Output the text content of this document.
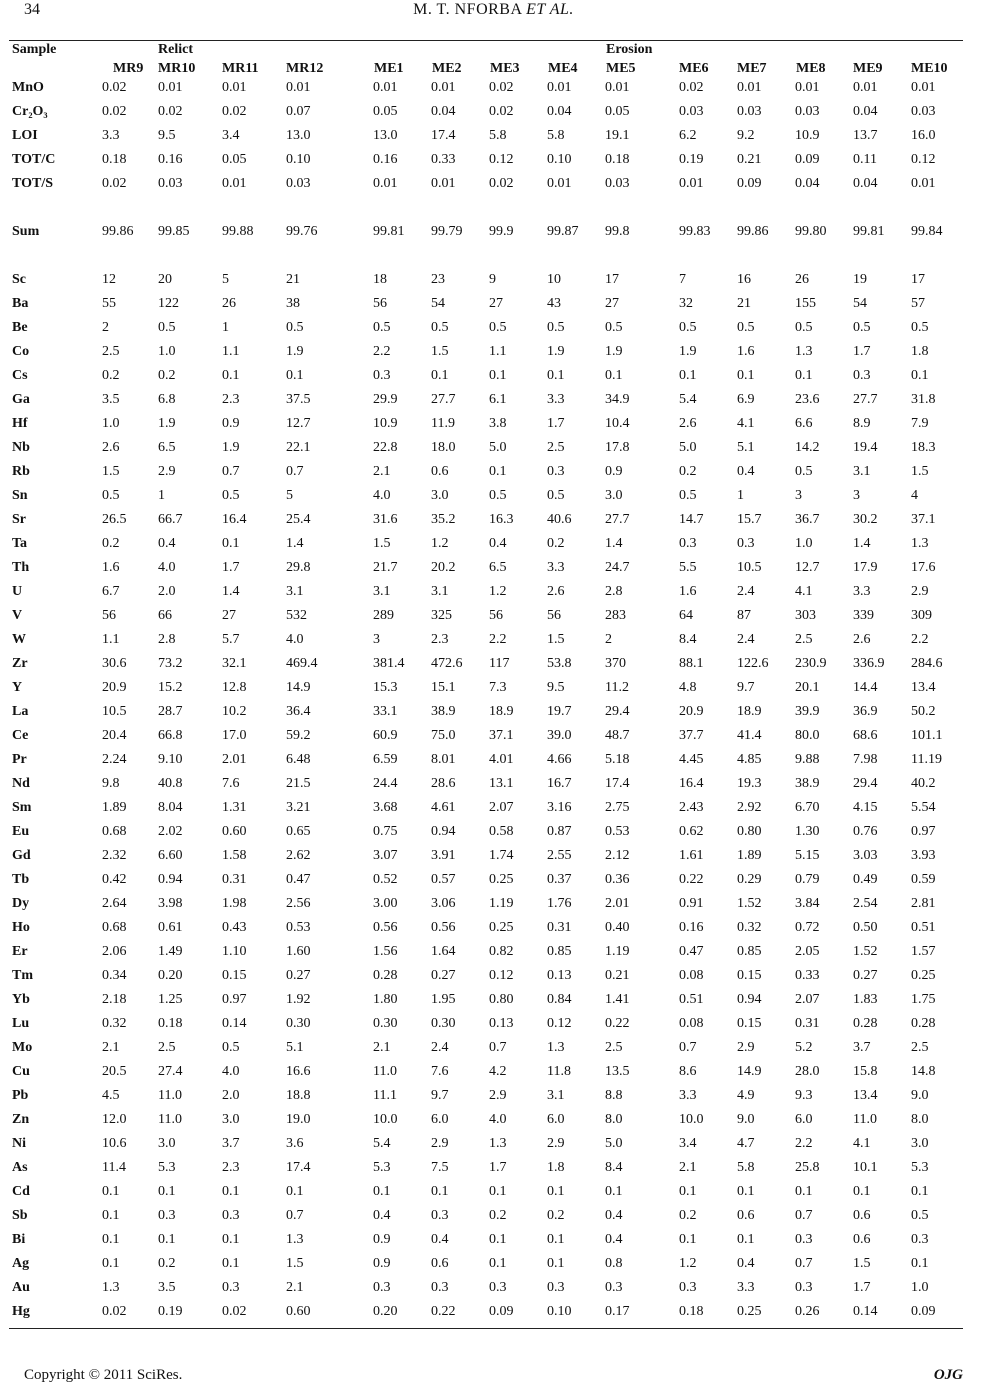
34	M. T. NFORBA ET AL.
Sample	Relict	Erosion
MR9 MR10 MR11 MR12	ME1 ME2 ME3 ME4 ME5	ME6 ME7 ME8 ME9 ME10
MnO	0.02 0.01	0.01	0.01	0.01 0.01 0.02 0.01 0.01	0.02 0.01 0.01 0.01 0.01
Cr₂O₃	0.02 0.02	0.02	0.07	0.05 0.04 0.02 0.04 0.05	0.03 0.03 0.03 0.04 0.03
LOI	3.3	9.5	3.4	13.0	13.0 17.4 5.8	5.8	19.1	6.2	9.2	10.9 13.7 16.0
TOT/C	0.18 0.16	0.05	0.10	0.16 0.33 0.12 0.10 0.18	0.19 0.21 0.09 0.11 0.12
TOT/S	0.02 0.03	0.01	0.03	0.01 0.01 0.02 0.01 0.03	0.01 0.09 0.04 0.04 0.01
Sum	99.86 99.85 99.88 99.76	99.81 99.79 99.9 99.87 99.8	99.83 99.86 99.80 99.81 99.84
Sc	12	20	5	21	18	23	9	10	17	7	16	26	19	17
Ba	55	122	26	38	56	54	27	43	27	32	21	155	54	57
Be	2	0.5	1	0.5	0.5	0.5	0.5	0.5	0.5	0.5	0.5	0.5	0.5	0.5
Co	2.5	1.0	1.1	1.9	2.2	1.5	1.1	1.9	1.9	1.9	1.6	1.3	1.7	1.8
Cs	0.2	0.2	0.1	0.1	0.3	0.1	0.1	0.1	0.1	0.1	0.1	0.1	0.3	0.1
Ga	3.5	6.8	2.3	37.5	29.9 27.7 6.1	3.3	34.9	5.4	6.9	23.6 27.7 31.8
Hf	1.0	1.9	0.9	12.7	10.9 11.9 3.8	1.7	10.4	2.6	4.1	6.6	8.9	7.9
Nb	2.6	6.5	1.9	22.1	22.8 18.0 5.0	2.5	17.8	5.0	5.1	14.2 19.4 18.3
Rb	1.5	2.9	0.7	0.7	2.1	0.6	0.1	0.3	0.9	0.2	0.4	0.5	3.1	1.5
Sn	0.5	1	0.5	5	4.0	3.0	0.5	0.5	3.0	0.5	1	3	3	4
Sr	26.5 66.7	16.4	25.4	31.6 35.2 16.3 40.6 27.7	14.7 15.7 36.7 30.2 37.1
Ta	0.2	0.4	0.1	1.4	1.5	1.2	0.4	0.2	1.4	0.3	0.3	1.0	1.4	1.3
Th	1.6	4.0	1.7	29.8	21.7 20.2 6.5	3.3	24.7	5.5	10.5 12.7 17.9 17.6
U	6.7	2.0	1.4	3.1	3.1	3.1	1.2	2.6	2.8	1.6	2.4	4.1	3.3	2.9
V	56	66	27	532	289	325	56	56	283	64	87	303	339	309
W	1.1	2.8	5.7	4.0	3	2.3	2.2	1.5	2	8.4	2.4	2.5	2.6	2.2
Zr	30.6 73.2	32.1	469.4	381.4 472.6 117	53.8 370	88.1 122.6 230.9 336.9 284.6
Y	20.9 15.2	12.8	14.9	15.3 15.1 7.3	9.5	11.2	4.8	9.7	20.1 14.4 13.4
La	10.5 28.7	10.2	36.4	33.1 38.9 18.9 19.7 29.4	20.9 18.9 39.9 36.9 50.2
Ce	20.4 66.8	17.0	59.2	60.9 75.0 37.1 39.0 48.7	37.7 41.4 80.0 68.6 101.1
Pr	2.24 9.10	2.01	6.48	6.59 8.01 4.01 4.66 5.18	4.45 4.85 9.88 7.98 11.19
Nd	9.8	40.8	7.6	21.5	24.4 28.6 13.1 16.7 17.4	16.4 19.3 38.9 29.4 40.2
Sm	1.89 8.04	1.31	3.21	3.68 4.61 2.07 3.16 2.75	2.43 2.92 6.70 4.15 5.54
Eu	0.68 2.02	0.60	0.65	0.75 0.94 0.58 0.87 0.53	0.62 0.80 1.30 0.76 0.97
Gd	2.32 6.60	1.58	2.62	3.07 3.91 1.74 2.55 2.12	1.61 1.89 5.15 3.03 3.93
Tb	0.42 0.94	0.31	0.47	0.52 0.57 0.25 0.37 0.36	0.22 0.29 0.79 0.49 0.59
Dy	2.64 3.98	1.98	2.56	3.00 3.06 1.19 1.76 2.01	0.91 1.52 3.84 2.54 2.81
Ho	0.68 0.61	0.43	0.53	0.56 0.56 0.25 0.31 0.40	0.16 0.32 0.72 0.50 0.51
Er	2.06 1.49	1.10	1.60	1.56 1.64 0.82 0.85 1.19	0.47 0.85 2.05 1.52 1.57
Tm	0.34 0.20	0.15	0.27	0.28 0.27 0.12 0.13 0.21	0.08 0.15 0.33 0.27 0.25
Yb	2.18 1.25	0.97	1.92	1.80 1.95 0.80 0.84 1.41	0.51 0.94 2.07 1.83 1.75
Lu	0.32 0.18	0.14	0.30	0.30 0.30 0.13 0.12 0.22	0.08 0.15 0.31 0.28 0.28
Mo	2.1	2.5	0.5	5.1	2.1	2.4	0.7	1.3	2.5	0.7	2.9	5.2	3.7	2.5
Cu	20.5 27.4	4.0	16.6	11.0 7.6	4.2	11.8 13.5	8.6	14.9 28.0 15.8 14.8
Pb	4.5	11.0	2.0	18.8	11.1 9.7	2.9	3.1	8.8	3.3	4.9	9.3	13.4 9.0
Zn	12.0 11.0	3.0	19.0	10.0 6.0	4.0	6.0	8.0	10.0 9.0	6.0	11.0 8.0
Ni	10.6 3.0	3.7	3.6	5.4	2.9	1.3	2.9	5.0	3.4	4.7	2.2	4.1	3.0
As	11.4 5.3	2.3	17.4	5.3	7.5	1.7	1.8	8.4	2.1	5.8	25.8 10.1 5.3
Cd	0.1	0.1	0.1	0.1	0.1	0.1	0.1	0.1	0.1	0.1	0.1	0.1	0.1	0.1
Sb	0.1	0.3	0.3	0.7	0.4	0.3	0.2	0.2	0.4	0.2	0.6	0.7	0.6	0.5
Bi	0.1	0.1	0.1	1.3	0.9	0.4	0.1	0.1	0.4	0.1	0.1	0.3	0.6	0.3
Ag	0.1	0.2	0.1	1.5	0.9	0.6	0.1	0.1	0.8	1.2	0.4	0.7	1.5	0.1
Au	1.3	3.5	0.3	2.1	0.3	0.3	0.3	0.3	0.3	0.3	3.3	0.3	1.7	1.0
Hg	0.02 0.19	0.02	0.60	0.20 0.22 0.09 0.10 0.17	0.18 0.25 0.26 0.14 0.09
Copyright © 2011 SciRes.	OJG
